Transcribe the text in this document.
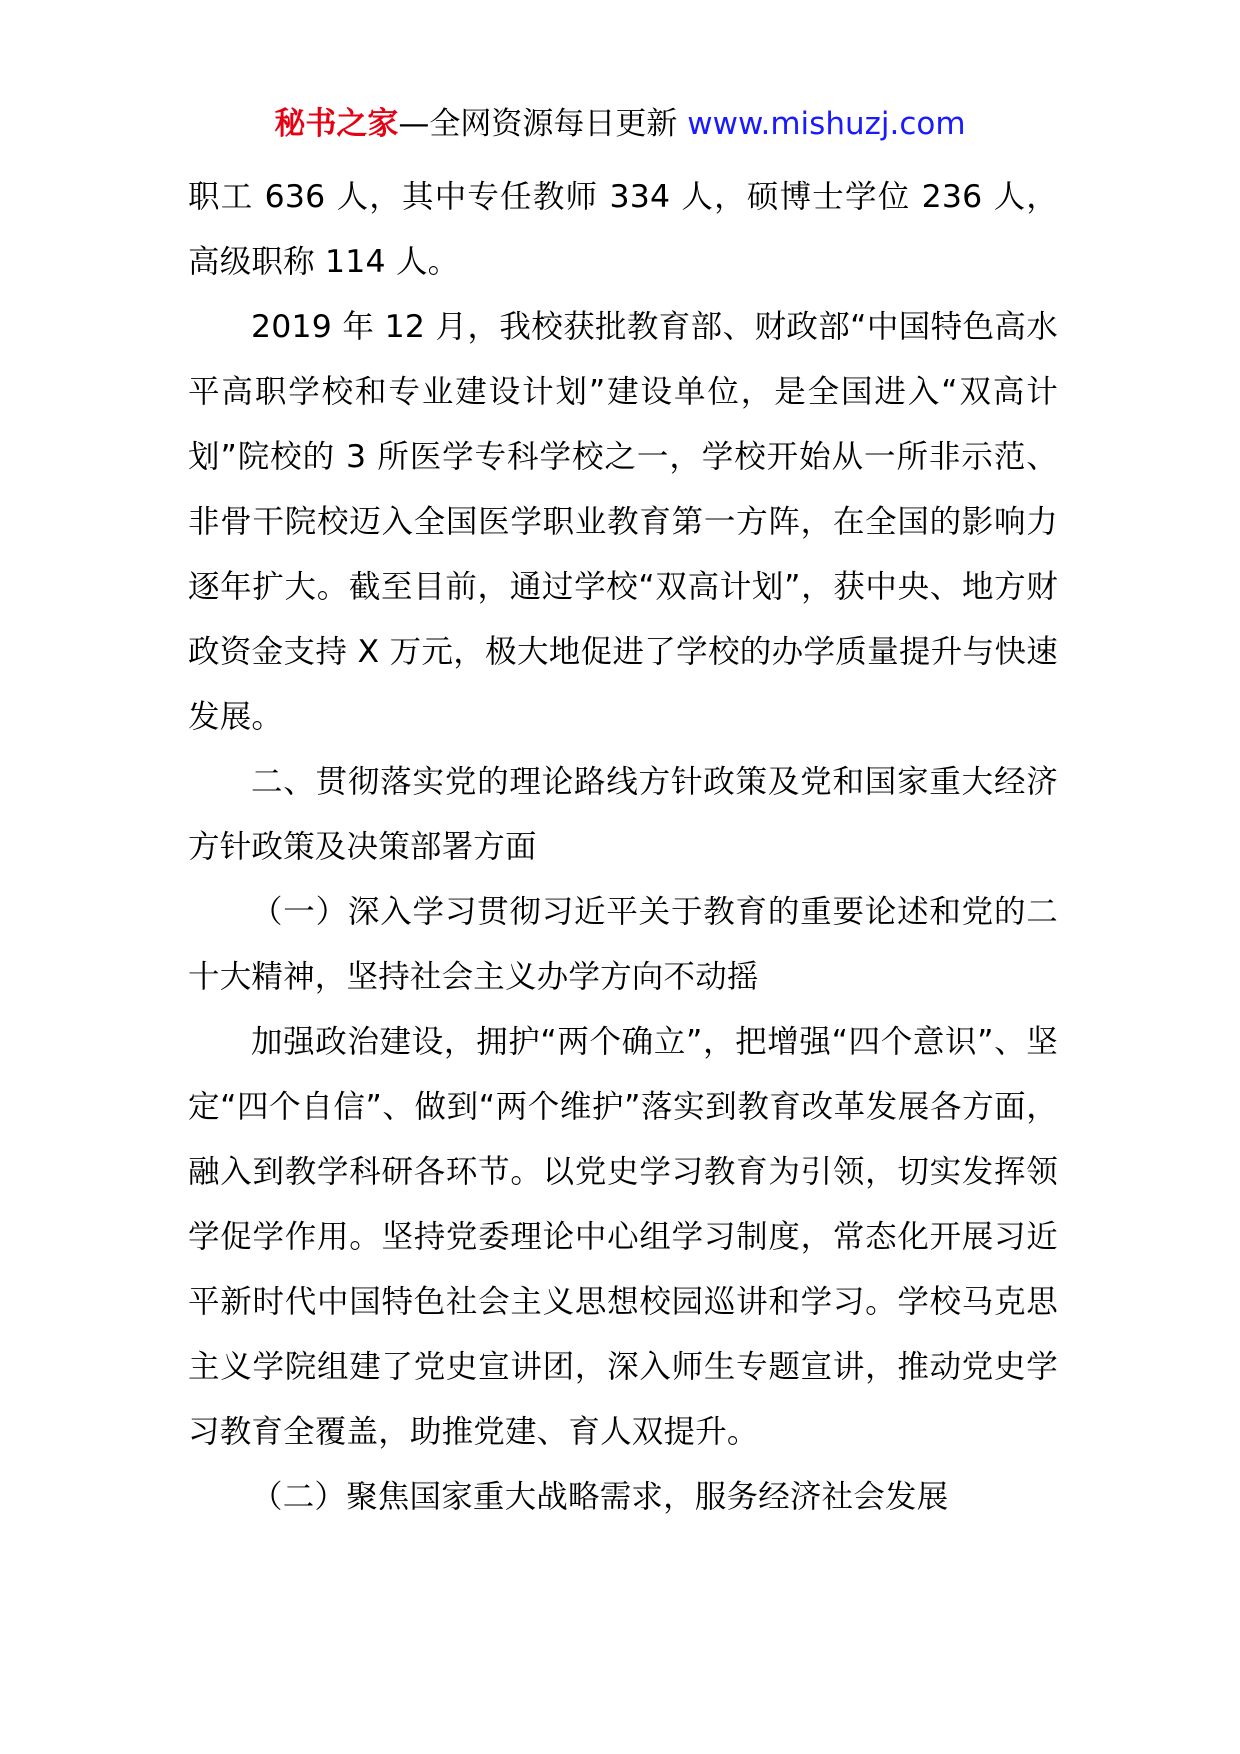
秘书之家—全网资源每日更新 www.mishuzj.com

职工 636 人，其中专任教师 334 人，硕博士学位 236 人，高级职称 114 人。

2019 年 12 月，我校获批教育部、财政部“中国特色高水平高职学校和专业建设计划”建设单位，是全国进入“双高计划”院校的 3 所医学专科学校之一，学校开始从一所非示范、非骨干院校迈入全国医学职业教育第一方阵，在全国的影响力逐年扩大。截至目前，通过学校“双高计划”，获中央、地方财政资金支持 X 万元，极大地促进了学校的办学质量提升与快速发展。

二、贯彻落实党的理论路线方针政策及党和国家重大经济方针政策及决策部署方面

（一）深入学习贯彻习近平关于教育的重要论述和党的二十大精神，坚持社会主义办学方向不动摇

加强政治建设，拥护“两个确立”，把增强“四个意识”、坚定“四个自信”、做到“两个维护”落实到教育改革发展各方面，融入到教学科研各环节。以党史学习教育为引领，切实发挥领学促学作用。坚持党委理论中心组学习制度，常态化开展习近平新时代中国特色社会主义思想校园巡讲和学习。学校马克思主义学院组建了党史宣讲团，深入师生专题宣讲，推动党史学习教育全覆盖，助推党建、育人双提升。

（二）聚焦国家重大战略需求，服务经济社会发展
